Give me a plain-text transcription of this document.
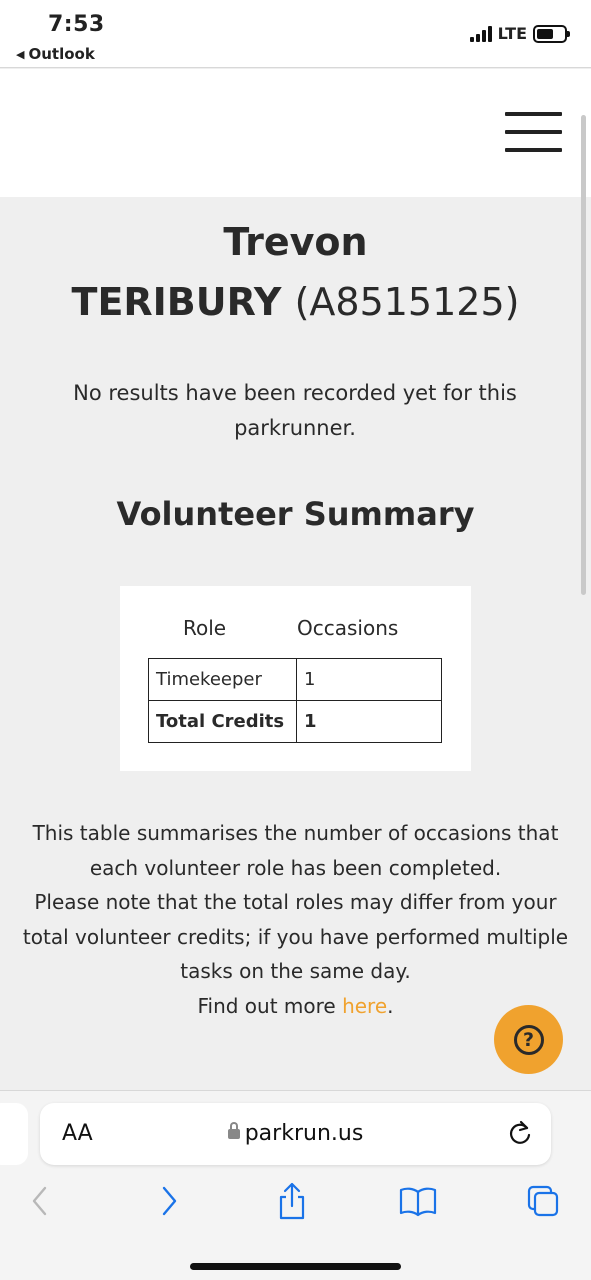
7:53
◀ Outlook
LTE
Trevon
TERIBURY (A8515125)
No results have been recorded yet for this parkrunner.
Volunteer Summary
Role	Occasions
Timekeeper	1
Total Credits	1
This table summarises the number of occasions that each volunteer role has been completed.
Please note that the total roles may differ from your total volunteer credits; if you have performed multiple tasks on the same day.
Find out more here.
?
AA	parkrun.us
